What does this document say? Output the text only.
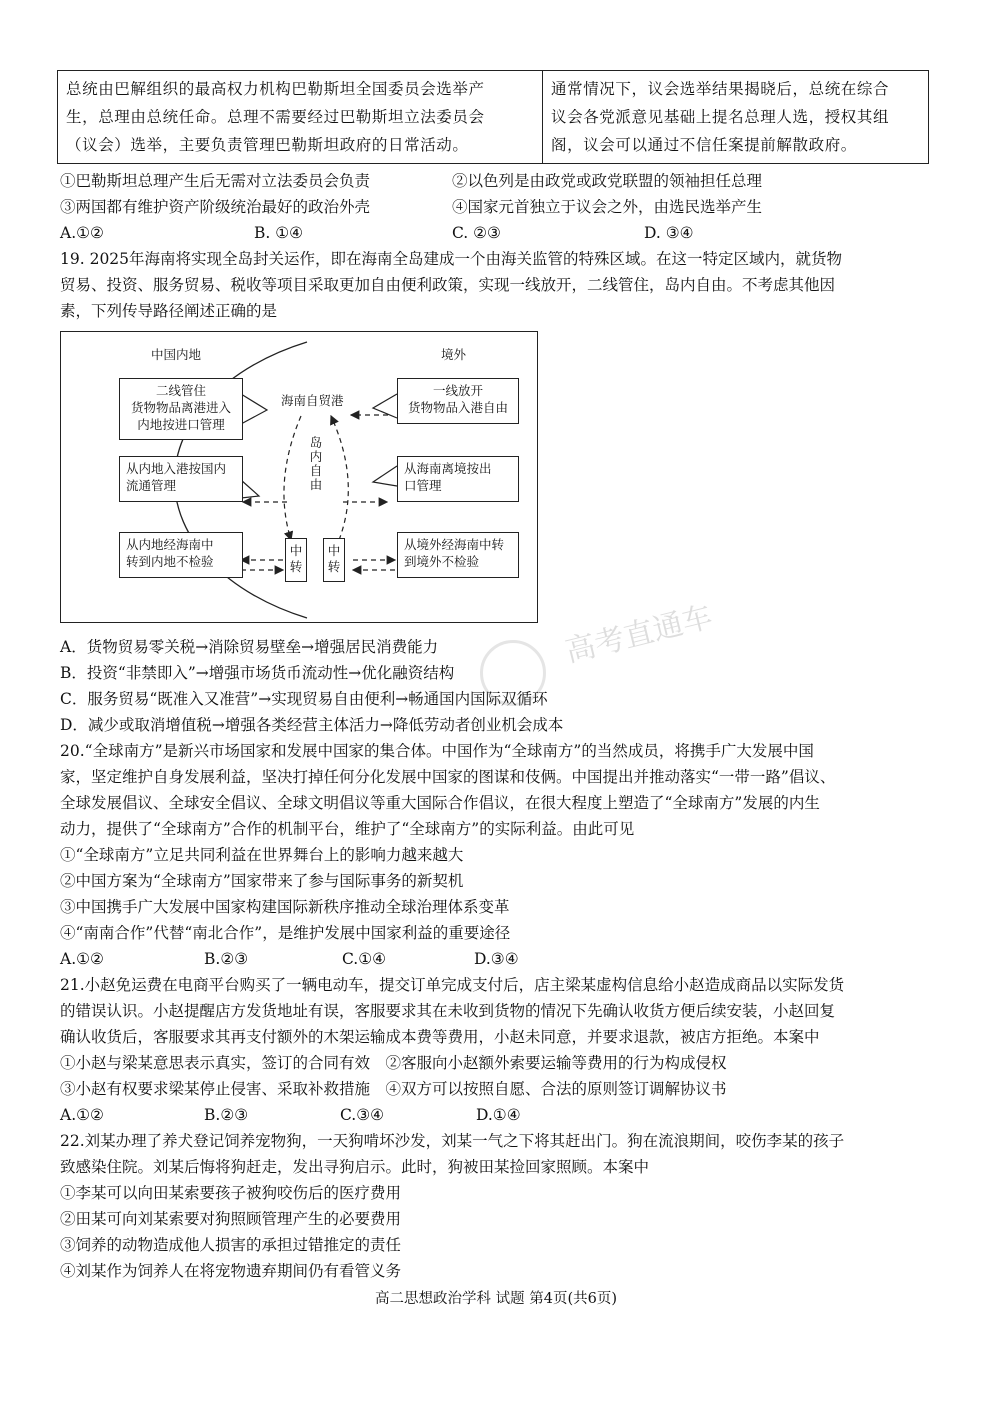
总统由巴解组织的最高权力机构巴勒斯坦全国委员会选举产
生，总理由总统任命。总理不需要经过巴勒斯坦立法委员会
（议会）选举，主要负责管理巴勒斯坦政府的日常活动。
通常情况下，议会选举结果揭晓后，总统在综合
议会各党派意见基础上提名总理人选，授权其组
阁，议会可以通过不信任案提前解散政府。
①巴勒斯坦总理产生后无需对立法委员会负责	②以色列是由政党或政党联盟的领袖担任总理
③两国都有维护资产阶级统治最好的政治外壳	④国家元首独立于议会之外，由选民选举产生
A.①②	B. ①④	C. ②③	D. ③④
19. 2025年海南将实现全岛封关运作，即在海南全岛建成一个由海关监管的特殊区域。在这一特定区域内，就货物
贸易、投资、服务贸易、税收等项目采取更加自由便利政策，实现一线放开，二线管住，岛内自由。不考虑其他因
素，下列传导路径阐述正确的是
中国内地	境外
海南自贸港
岛
内
自
由
二线管住
货物物品离港进入
内地按进口管理
从内地入港按国内
流通管理
从内地经海南中
转到内地不检验
一线放开
货物物品入港自由
从海南离境按出
口管理
从境外经海南中转
到境外不检验
中
转
中
转
A．货物贸易零关税→消除贸易壁垒→增强居民消费能力
B．投资“非禁即入”→增强市场货币流动性→优化融资结构
C．服务贸易“既准入又准营”→实现贸易自由便利→畅通国内国际双循环
D．减少或取消增值税→增强各类经营主体活力→降低劳动者创业机会成本
20.“全球南方”是新兴市场国家和发展中国家的集合体。中国作为“全球南方”的当然成员，将携手广大发展中国
家，坚定维护自身发展利益，坚决打掉任何分化发展中国家的图谋和伎俩。中国提出并推动落实“一带一路”倡议、
全球发展倡议、全球安全倡议、全球文明倡议等重大国际合作倡议，在很大程度上塑造了“全球南方”发展的内生
动力，提供了“全球南方”合作的机制平台，维护了“全球南方”的实际利益。由此可见
①“全球南方”立足共同利益在世界舞台上的影响力越来越大
②中国方案为“全球南方”国家带来了参与国际事务的新契机
③中国携手广大发展中国家构建国际新秩序推动全球治理体系变革
④“南南合作”代替“南北合作”，是维护发展中国家利益的重要途径
A.①②	B.②③	C.①④	D.③④
21.小赵免运费在电商平台购买了一辆电动车，提交订单完成支付后，店主梁某虚构信息给小赵造成商品以实际发货
的错误认识。小赵提醒店方发货地址有误，客服要求其在未收到货物的情况下先确认收货方便后续安装，小赵回复
确认收货后，客服要求其再支付额外的木架运输成本费等费用，小赵未同意，并要求退款，被店方拒绝。本案中
①小赵与梁某意思表示真实，签订的合同有效　②客服向小赵额外索要运输等费用的行为构成侵权
③小赵有权要求梁某停止侵害、采取补救措施　④双方可以按照自愿、合法的原则签订调解协议书
A.①②	B.②③	C.③④	D.①④
22.刘某办理了养犬登记饲养宠物狗，一天狗啃坏沙发，刘某一气之下将其赶出门。狗在流浪期间，咬伤李某的孩子
致感染住院。刘某后悔将狗赶走，发出寻狗启示。此时，狗被田某捡回家照顾。本案中
①李某可以向田某索要孩子被狗咬伤后的医疗费用
②田某可向刘某索要对狗照顾管理产生的必要费用
③饲养的动物造成他人损害的承担过错推定的责任
④刘某作为饲养人在将宠物遗弃期间仍有看管义务
高二思想政治学科 试题 第4页(共6页)
高考直通车
